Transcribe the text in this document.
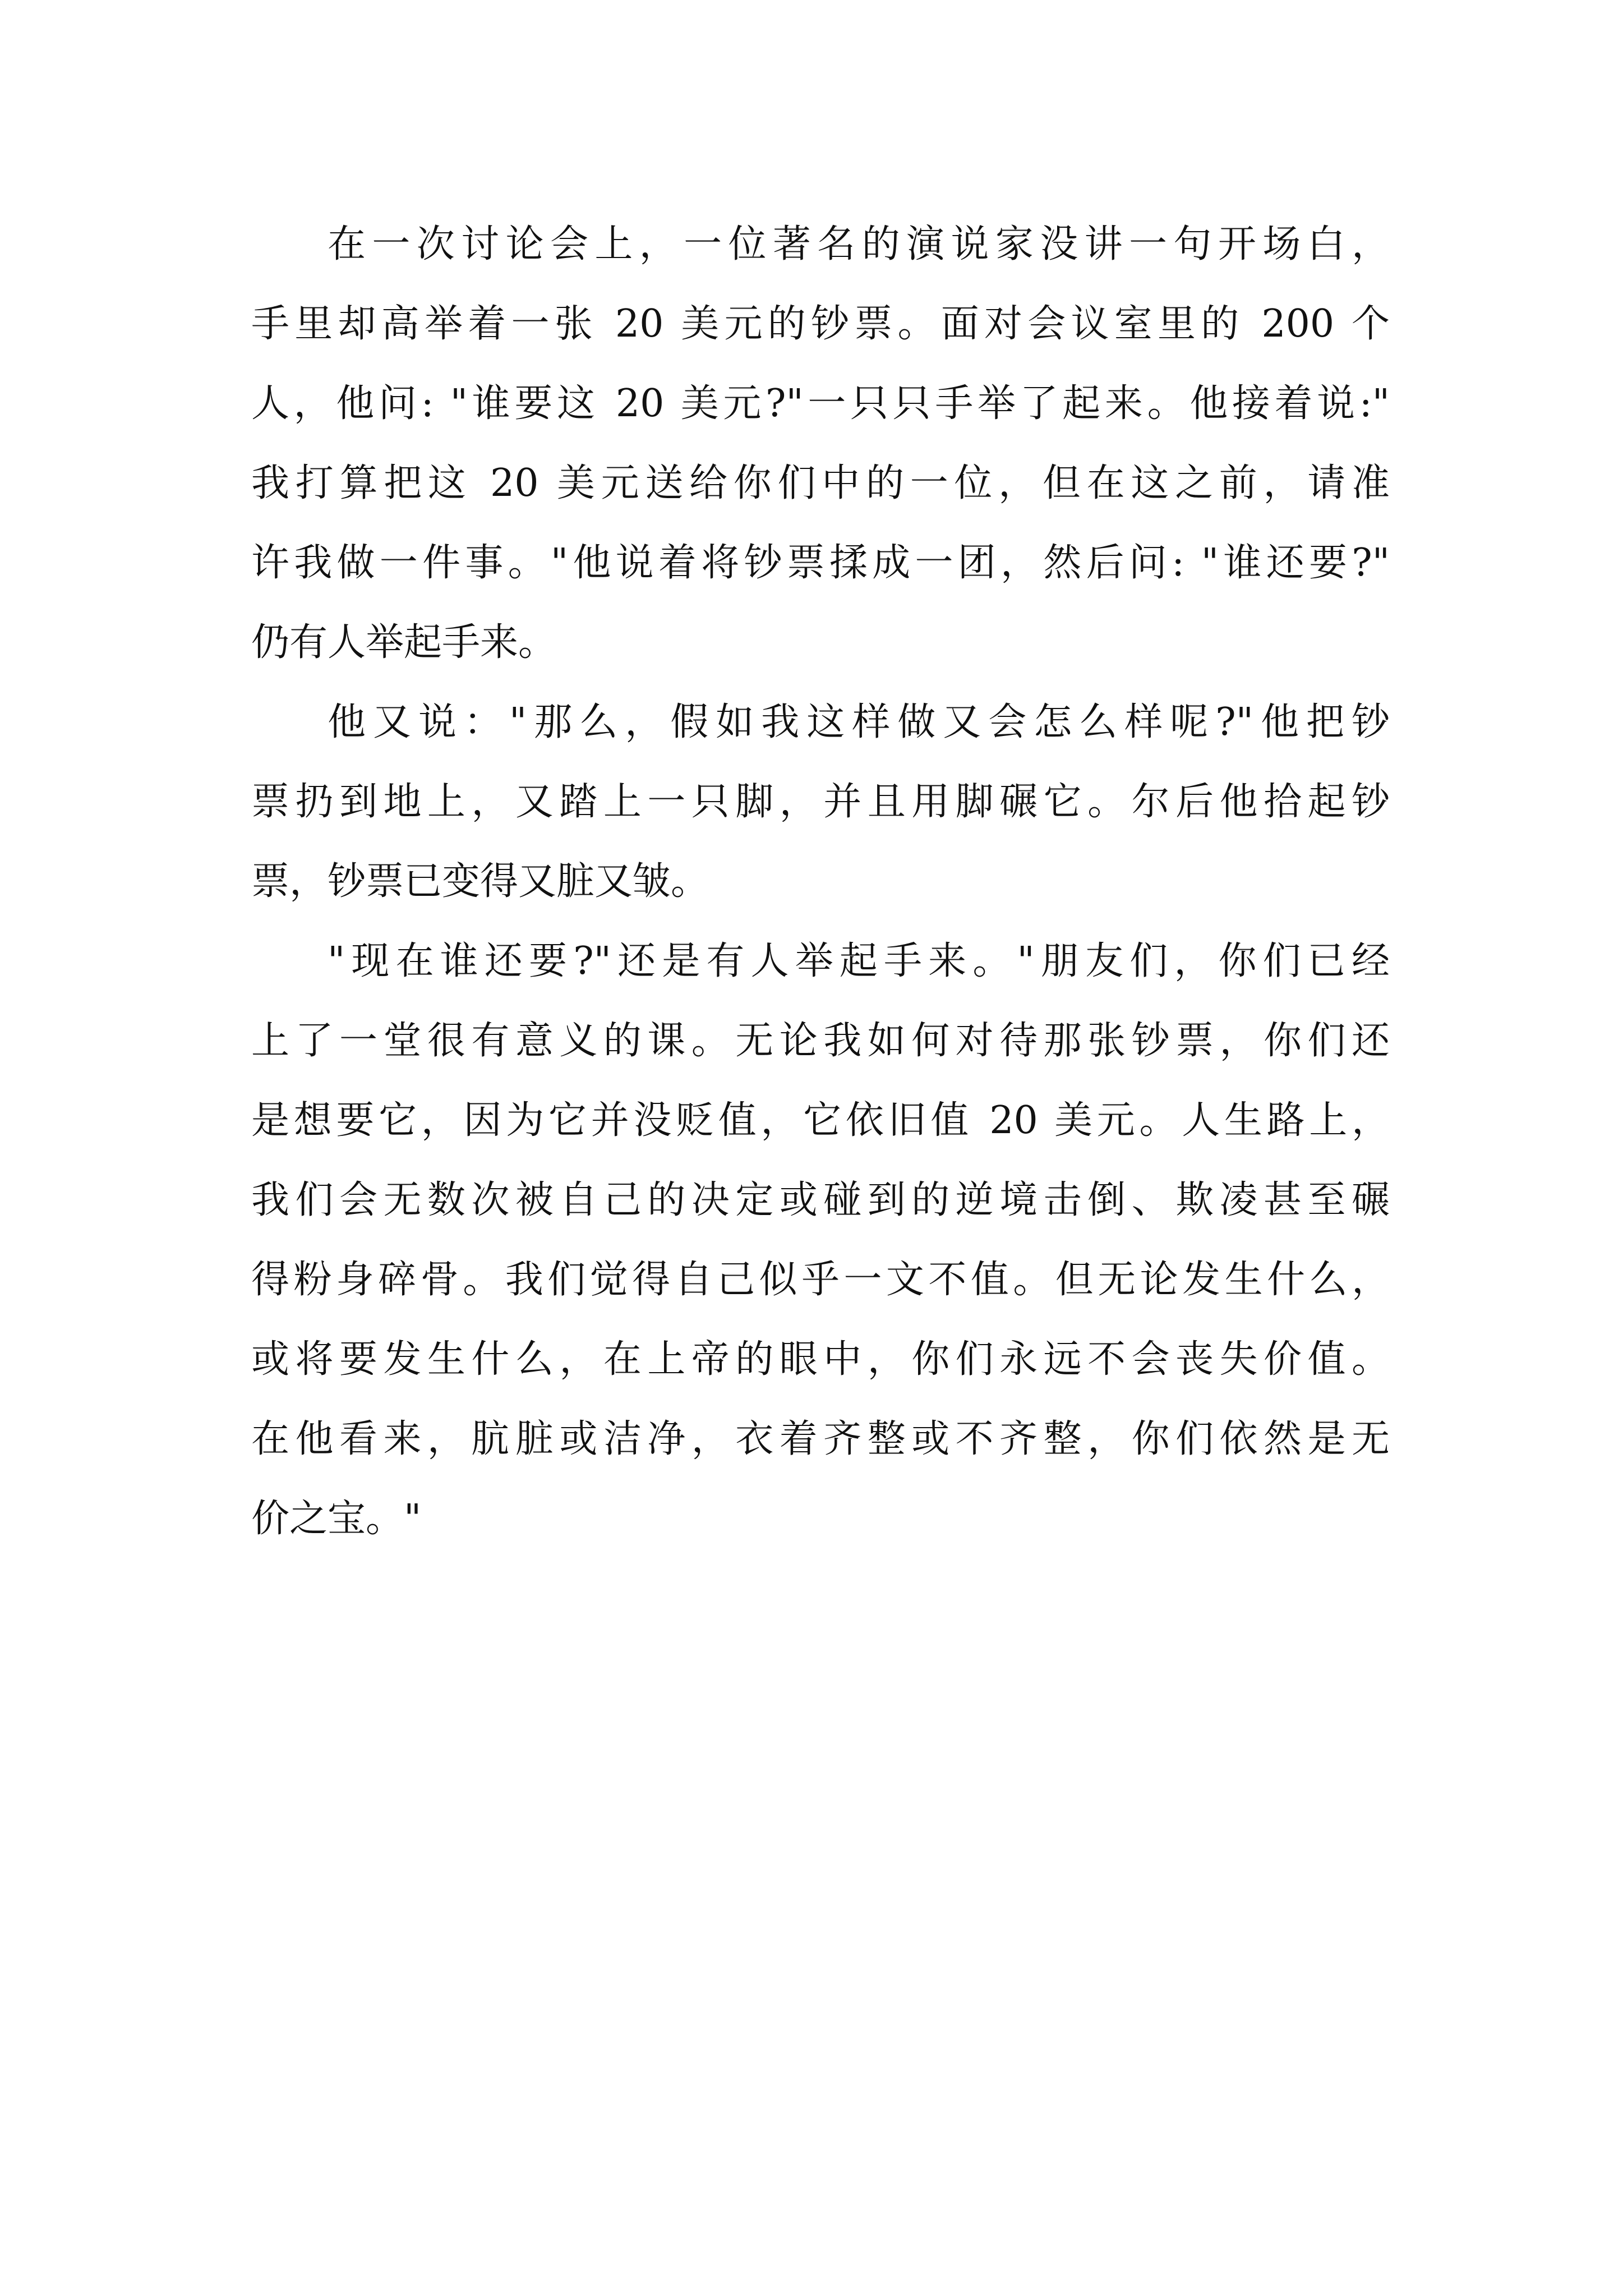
在一次讨论会上，一位著名的演说家没讲一句开场白，
手里却高举着一张 20 美元的钞票。面对会议室里的 200 个
人，他问: "谁要这 20 美元?"一只只手举了起来。他接着说:"
我打算把这 20 美元送给你们中的一位，但在这之前，请准
许我做一件事。"他说着将钞票揉成一团，然后问: "谁还要?"
仍有人举起手来。
他又说："那么，假如我这样做又会怎么样呢?"他把钞
票扔到地上，又踏上一只脚，并且用脚碾它。尔后他拾起钞
票，钞票已变得又脏又皱。
"现在谁还要?"还是有人举起手来。"朋友们，你们已经
上了一堂很有意义的课。无论我如何对待那张钞票，你们还
是想要它，因为它并没贬值，它依旧值 20 美元。人生路上，
我们会无数次被自己的决定或碰到的逆境击倒、欺凌甚至碾
得粉身碎骨。我们觉得自己似乎一文不值。但无论发生什么，
或将要发生什么，在上帝的眼中，你们永远不会丧失价值。
在他看来，肮脏或洁净，衣着齐整或不齐整，你们依然是无
价之宝。"
